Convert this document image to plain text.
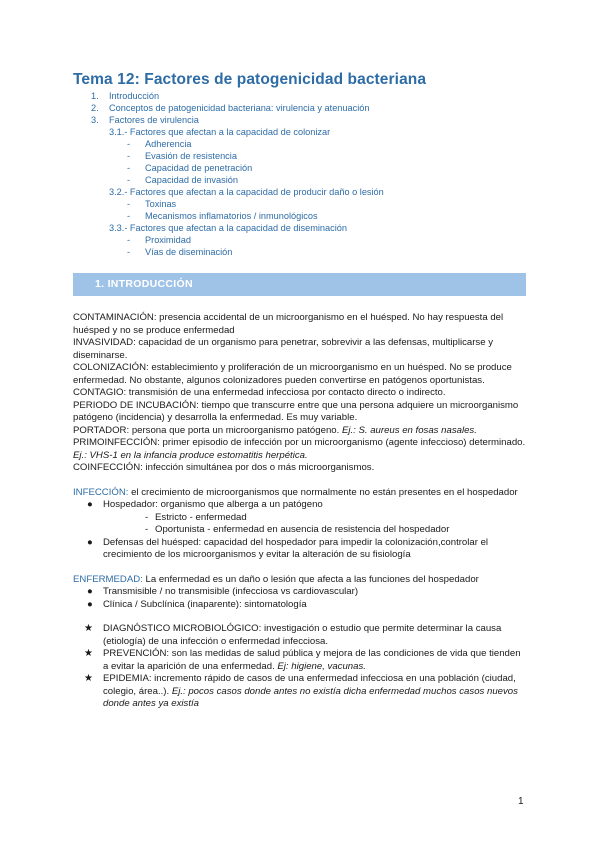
Tema 12: Factores de patogenicidad bacteriana
1. Introducción
2. Conceptos de patogenicidad bacteriana: virulencia y atenuación
3. Factores de virulencia
3.1.- Factores que afectan a la capacidad de colonizar
- Adherencia
- Evasión de resistencia
- Capacidad de penetración
- Capacidad de invasión
3.2.- Factores que afectan a la capacidad de producir daño o lesión
- Toxinas
- Mecanismos inflamatorios / inmunológicos
3.3.- Factores que afectan a la capacidad de diseminación
- Proximidad
- Vías de diseminación
1. INTRODUCCIÓN

CONTAMINACIÓN: presencia accidental de un microorganismo en el huésped. No hay respuesta del huésped y no se produce enfermedad

INVASIVIDAD: capacidad de un organismo para penetrar, sobrevivir a las defensas, multiplicarse y diseminarse.

COLONIZACIÓN: establecimiento y proliferación de un microorganismo en un huésped. No se produce enfermedad. No obstante, algunos colonizadores pueden convertirse en patógenos oportunistas.

CONTAGIO: transmisión de una enfermedad infecciosa por contacto directo o indirecto.

PERIODO DE INCUBACIÓN: tiempo que transcurre entre que una persona adquiere un microorganismo patógeno (incidencia) y desarrolla la enfermedad. Es muy variable.

PORTADOR: persona que porta un microorganismo patógeno. Ej.: S. aureus en fosas nasales.

PRIMOINFECCIÓN: primer episodio de infección por un microorganismo (agente infeccioso) determinado. Ej.: VHS-1 en la infancia produce estomatitis herpética.

COINFECCIÓN: infección simultánea por dos o más microorganismos.

INFECCIÓN: el crecimiento de microorganismos que normalmente no están presentes en el hospedador

● Hospedador: organismo que alberga a un patógeno
- Estricto - enfermedad
- Oportunista - enfermedad en ausencia de resistencia del hospedador
● Defensas del huésped: capacidad del hospedador para impedir la colonización,controlar el crecimiento de los microorganismos y evitar la alteración de su fisiología

ENFERMEDAD: La enfermedad es un daño o lesión que afecta a las funciones del hospedador

● Transmisible / no transmisible (infecciosa vs cardiovascular)
● Clínica / Subclínica (inaparente): sintomatología
★ DIAGNÓSTICO MICROBIOLÓGICO: investigación o estudio que permite determinar la causa (etiología) de una infección o enfermedad infecciosa.
★ PREVENCIÓN: son las medidas de salud pública y mejora de las condiciones de vida que tienden a evitar la aparición de una enfermedad. Ej: higiene, vacunas.
★ EPIDEMIA: incremento rápido de casos de una enfermedad infecciosa en una población (ciudad, colegio, área..). Ej.: pocos casos donde antes no existía dicha enfermedad muchos casos nuevos donde antes ya existía
1
